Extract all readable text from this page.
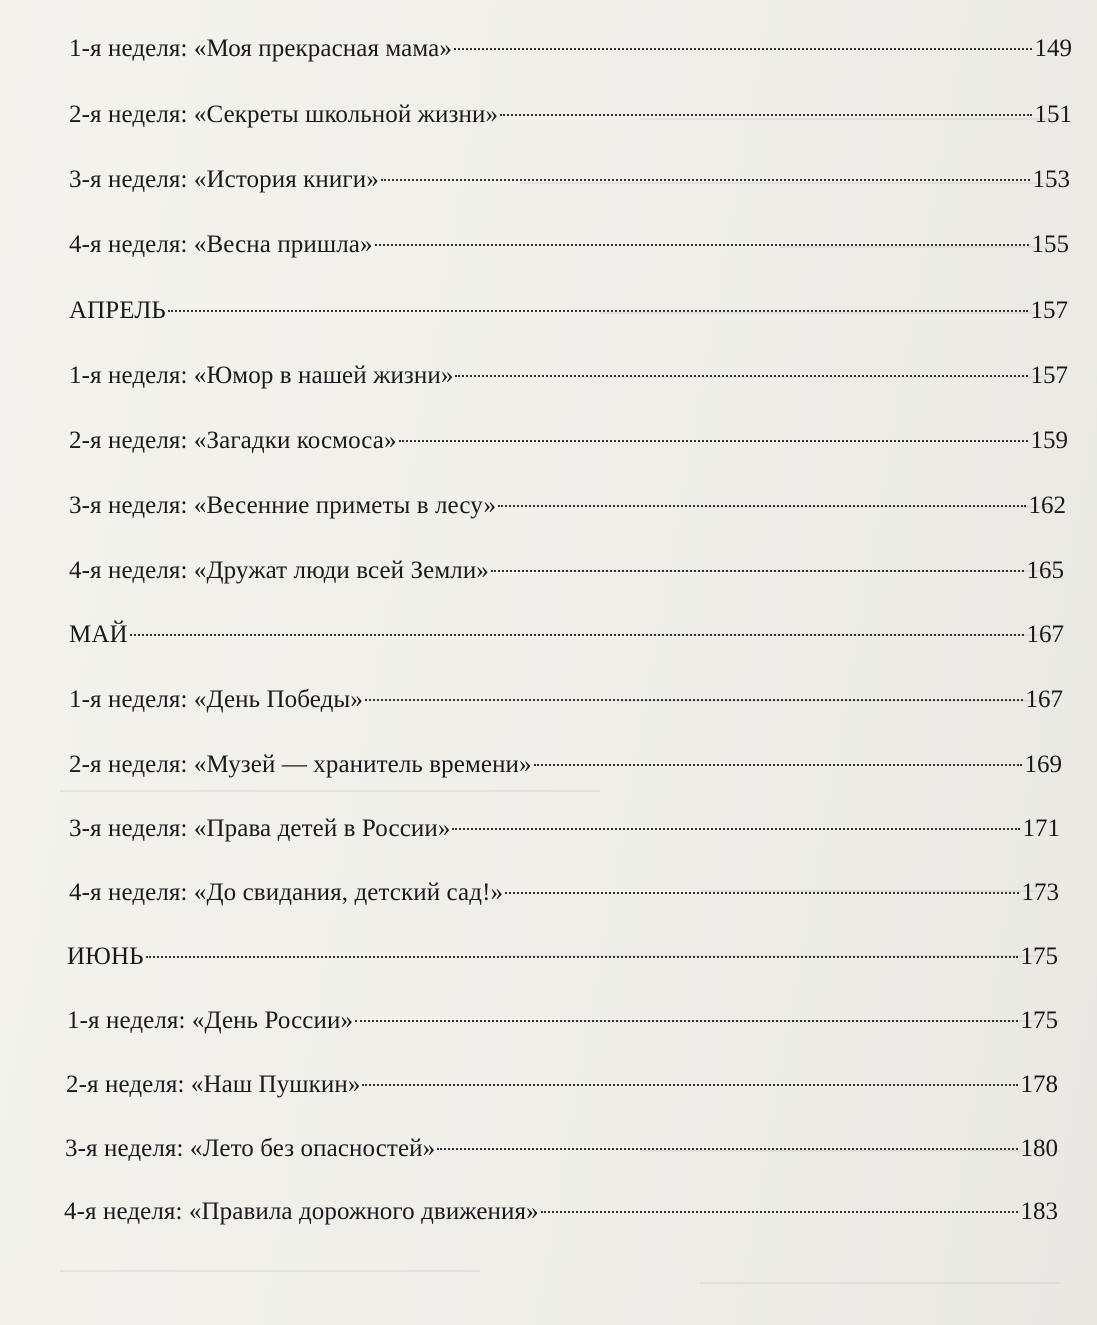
1-я неделя: «Моя прекрасная мама»	149
2-я неделя: «Секреты школьной жизни»	151
3-я неделя: «История книги»	153
4-я неделя: «Весна пришла»	155
АПРЕЛЬ	157
1-я неделя: «Юмор в нашей жизни»	157
2-я неделя: «Загадки космоса»	159
3-я неделя: «Весенние приметы в лесу»	162
4-я неделя: «Дружат люди всей Земли»	165
МАЙ	167
1-я неделя: «День Победы»	167
2-я неделя: «Музей — хранитель времени»	169
3-я неделя: «Права детей в России»	171
4-я неделя: «До свидания, детский сад!»	173
ИЮНЬ	175
1-я неделя: «День России»	175
2-я неделя: «Наш Пушкин»	178
3-я неделя: «Лето без опасностей»	180
4-я неделя: «Правила дорожного движения»	183
